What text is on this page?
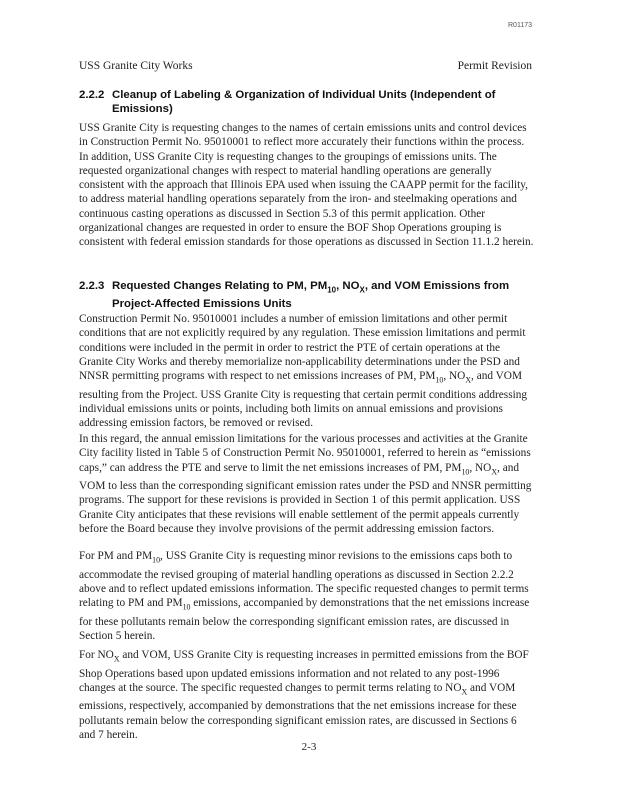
R01173
USS Granite City Works	Permit Revision
2.2.2 Cleanup of Labeling & Organization of Individual Units (Independent of Emissions)

USS Granite City is requesting changes to the names of certain emissions units and control devices in Construction Permit No. 95010001 to reflect more accurately their functions within the process. In addition, USS Granite City is requesting changes to the groupings of emissions units. The requested organizational changes with respect to material handling operations are generally consistent with the approach that Illinois EPA used when issuing the CAAPP permit for the facility, to address material handling operations separately from the iron- and steelmaking operations and continuous casting operations as discussed in Section 5.3 of this permit application. Other organizational changes are requested in order to ensure the BOF Shop Operations grouping is consistent with federal emission standards for those operations as discussed in Section 11.1.2 herein.

2.2.3 Requested Changes Relating to PM, $PM_{10}$, $NO_X$, and VOM Emissions from Project-Affected Emissions Units

Construction Permit No. 95010001 includes a number of emission limitations and other permit conditions that are not explicitly required by any regulation. These emission limitations and permit conditions were included in the permit in order to restrict the PTE of certain operations at the Granite City Works and thereby memorialize non-applicability determinations under the PSD and NNSR permitting programs with respect to net emissions increases of PM, $PM_{10}$, $NO_X$, and VOM resulting from the Project. USS Granite City is requesting that certain permit conditions addressing individual emissions units or points, including both limits on annual emissions and provisions addressing emission factors, be removed or revised.

In this regard, the annual emission limitations for the various processes and activities at the Granite City facility listed in Table 5 of Construction Permit No. 95010001, referred to herein as “emissions caps,” can address the PTE and serve to limit the net emissions increases of PM, $PM_{10}$, $NO_X$, and VOM to less than the corresponding significant emission rates under the PSD and NNSR permitting programs. The support for these revisions is provided in Section 1 of this permit application. USS Granite City anticipates that these revisions will enable settlement of the permit appeals currently before the Board because they involve provisions of the permit addressing emission factors.

For PM and $PM_{10}$, USS Granite City is requesting minor revisions to the emissions caps both to accommodate the revised grouping of material handling operations as discussed in Section 2.2.2 above and to reflect updated emissions information. The specific requested changes to permit terms relating to PM and $PM_{10}$ emissions, accompanied by demonstrations that the net emissions increase for these pollutants remain below the corresponding significant emission rates, are discussed in Section 5 herein.

For $NO_X$ and VOM, USS Granite City is requesting increases in permitted emissions from the BOF Shop Operations based upon updated emissions information and not related to any post-1996 changes at the source. The specific requested changes to permit terms relating to $NO_X$ and VOM emissions, respectively, accompanied by demonstrations that the net emissions increase for these pollutants remain below the corresponding significant emission rates, are discussed in Sections 6 and 7 herein.

2-3
